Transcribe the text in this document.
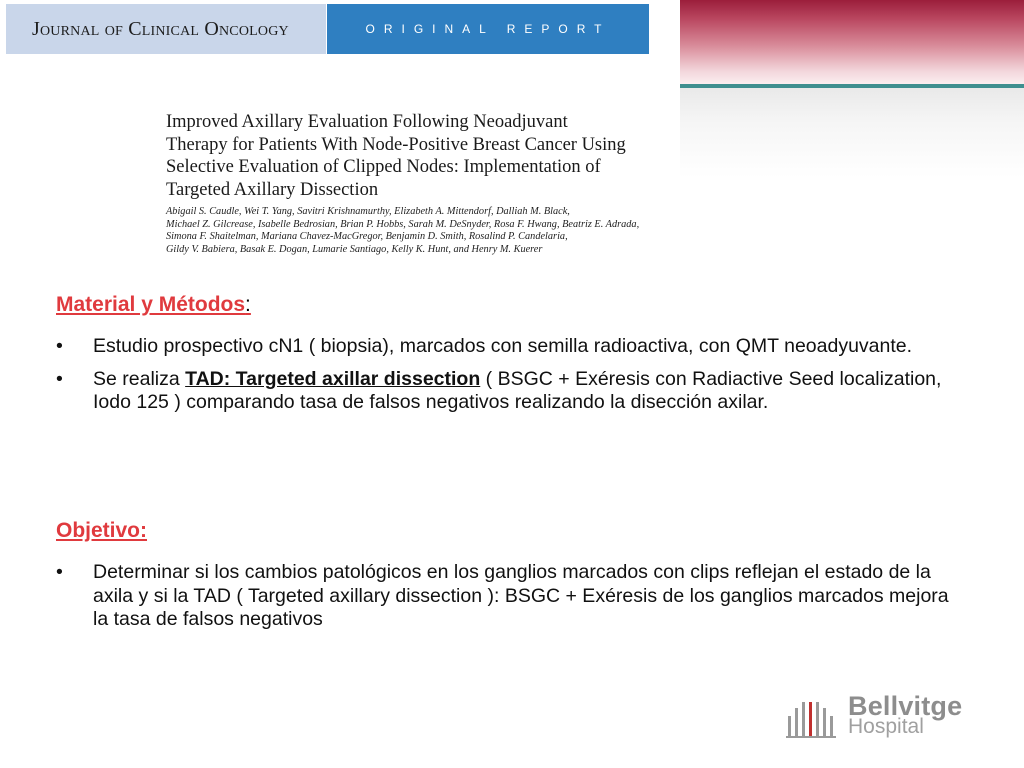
Journal of Clinical Oncology	ORIGINAL REPORT
Improved Axillary Evaluation Following Neoadjuvant
Therapy for Patients With Node-Positive Breast Cancer Using
Selective Evaluation of Clipped Nodes: Implementation of
Targeted Axillary Dissection
Abigail S. Caudle, Wei T. Yang, Savitri Krishnamurthy, Elizabeth A. Mittendorf, Dalliah M. Black,
Michael Z. Gilcrease, Isabelle Bedrosian, Brian P. Hobbs, Sarah M. DeSnyder, Rosa F. Hwang, Beatriz E. Adrada,
Simona F. Shaitelman, Mariana Chavez-MacGregor, Benjamin D. Smith, Rosalind P. Candelaria,
Gildy V. Babiera, Basak E. Dogan, Lumarie Santiago, Kelly K. Hunt, and Henry M. Kuerer
Material y Métodos:
• Estudio prospectivo cN1 ( biopsia), marcados con semilla radioactiva, con QMT neoadyuvante.
• Se realiza TAD: Targeted axillar dissection ( BSGC + Exéresis con Radiactive Seed localization, Iodo 125 ) comparando tasa de falsos negativos realizando la disección axilar.
Objetivo:
• Determinar si los cambios patológicos en los ganglios marcados con clips reflejan el estado de la axila y si la TAD ( Targeted axillary dissection ): BSGC + Exéresis de los ganglios marcados mejora la tasa de falsos negativos
Bellvitge
Hospital
